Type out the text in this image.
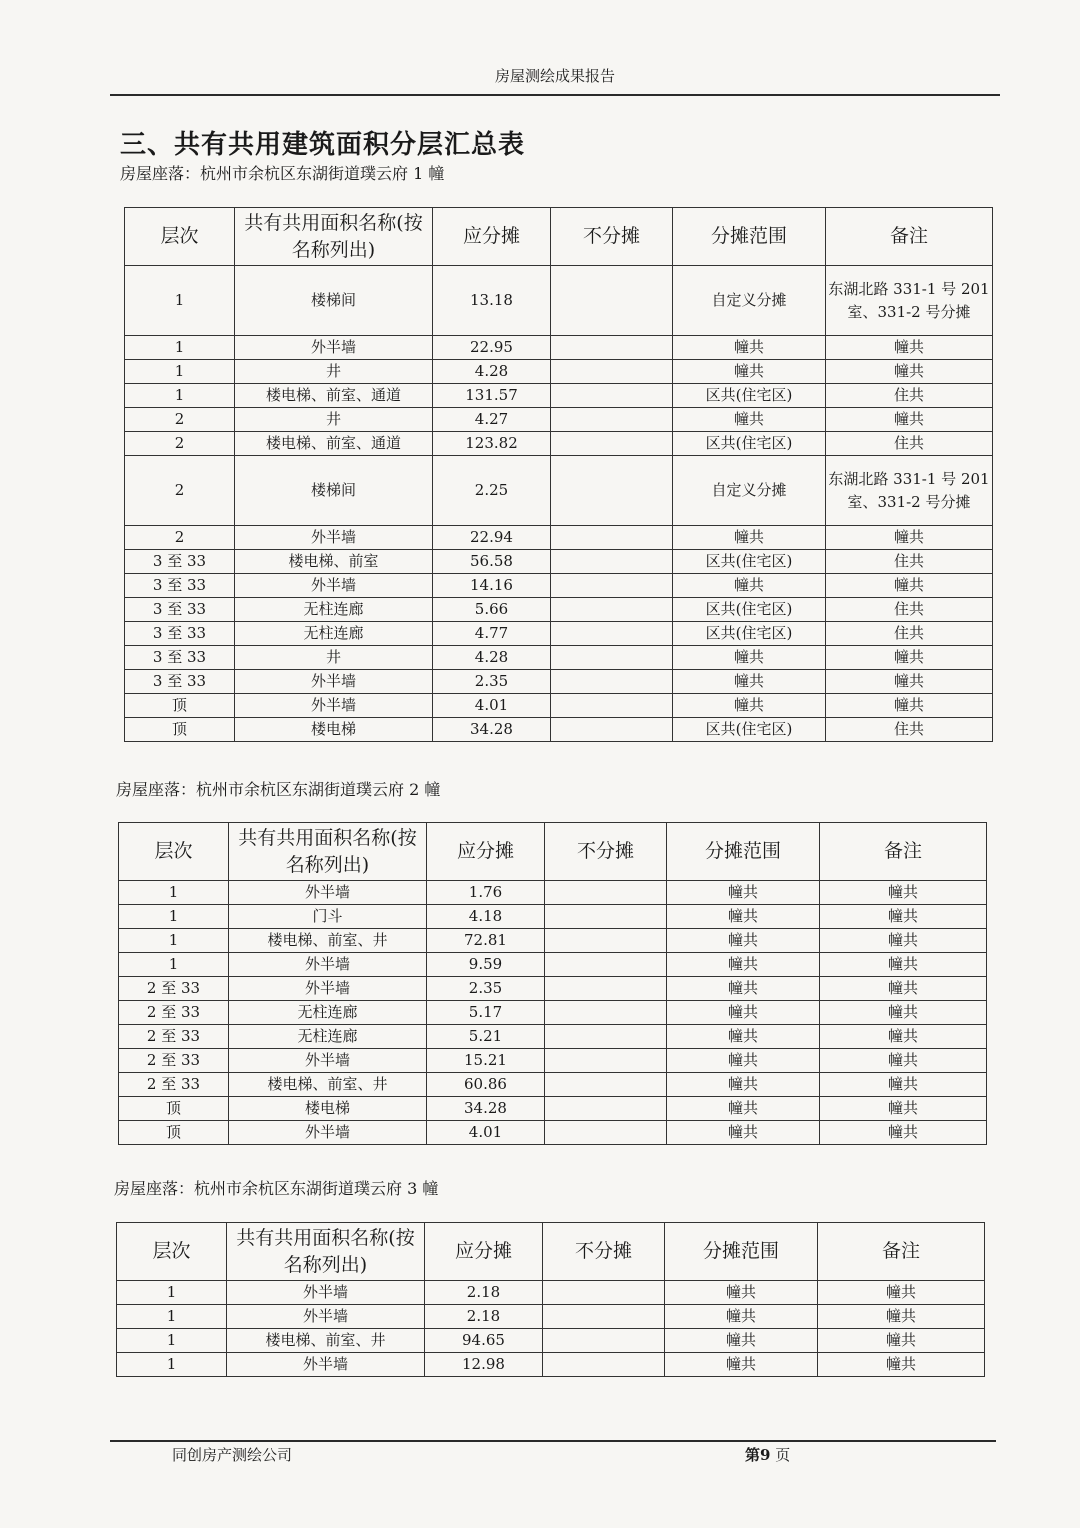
房屋测绘成果报告
三、共有共用建筑面积分层汇总表
房屋座落：杭州市余杭区东湖街道璞云府 1 幢
层次	共有共用面积名称(按名称列出)	应分摊	不分摊	分摊范围	备注
1	楼梯间	13.18		自定义分摊	东湖北路 331-1 号 201 室、331-2 号分摊
1	外半墙	22.95		幢共	幢共
1	井	4.28		幢共	幢共
1	楼电梯、前室、通道	131.57		区共(住宅区)	住共
2	井	4.27		幢共	幢共
2	楼电梯、前室、通道	123.82		区共(住宅区)	住共
2	楼梯间	2.25		自定义分摊	东湖北路 331-1 号 201 室、331-2 号分摊
2	外半墙	22.94		幢共	幢共
3 至 33	楼电梯、前室	56.58		区共(住宅区)	住共
3 至 33	外半墙	14.16		幢共	幢共
3 至 33	无柱连廊	5.66		区共(住宅区)	住共
3 至 33	无柱连廊	4.77		区共(住宅区)	住共
3 至 33	井	4.28		幢共	幢共
3 至 33	外半墙	2.35		幢共	幢共
顶	外半墙	4.01		幢共	幢共
顶	楼电梯	34.28		区共(住宅区)	住共
房屋座落：杭州市余杭区东湖街道璞云府 2 幢
层次	共有共用面积名称(按名称列出)	应分摊	不分摊	分摊范围	备注
1	外半墙	1.76		幢共	幢共
1	门斗	4.18		幢共	幢共
1	楼电梯、前室、井	72.81		幢共	幢共
1	外半墙	9.59		幢共	幢共
2 至 33	外半墙	2.35		幢共	幢共
2 至 33	无柱连廊	5.17		幢共	幢共
2 至 33	无柱连廊	5.21		幢共	幢共
2 至 33	外半墙	15.21		幢共	幢共
2 至 33	楼电梯、前室、井	60.86		幢共	幢共
顶	楼电梯	34.28		幢共	幢共
顶	外半墙	4.01		幢共	幢共
房屋座落：杭州市余杭区东湖街道璞云府 3 幢
层次	共有共用面积名称(按名称列出)	应分摊	不分摊	分摊范围	备注
1	外半墙	2.18		幢共	幢共
1	外半墙	2.18		幢共	幢共
1	楼电梯、前室、井	94.65		幢共	幢共
1	外半墙	12.98		幢共	幢共
同创房产测绘公司	第9 页
